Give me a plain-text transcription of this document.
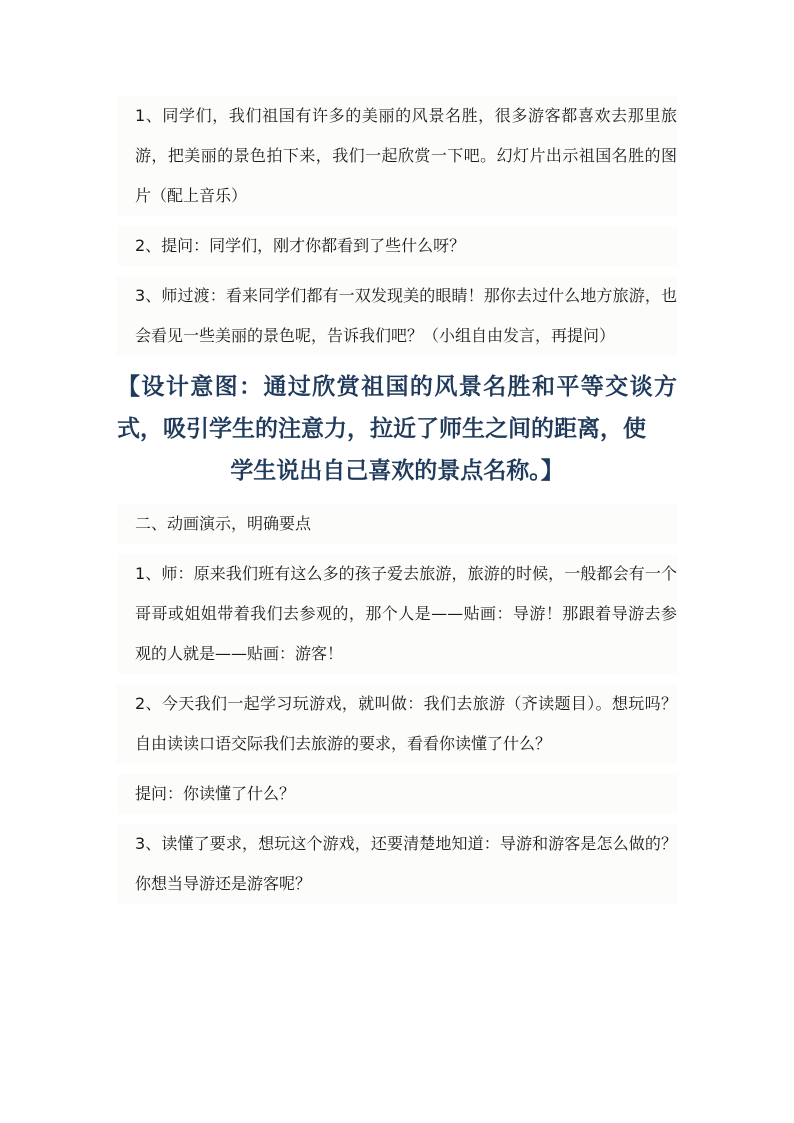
1、同学们，我们祖国有许多的美丽的风景名胜，很多游客都喜欢去那里旅游，把美丽的景色拍下来，我们一起欣赏一下吧。幻灯片出示祖国名胜的图片（配上音乐）

2、提问：同学们，刚才你都看到了些什么呀？

3、师过渡：看来同学们都有一双发现美的眼睛！那你去过什么地方旅游，也会看见一些美丽的景色呢，告诉我们吧？（小组自由发言，再提问）

【设计意图：通过欣赏祖国的风景名胜和平等交谈方式，吸引学生的注意力，拉近了师生之间的距离，使
学生说出自己喜欢的景点名称。】

二、动画演示，明确要点

1、师：原来我们班有这么多的孩子爱去旅游，旅游的时候，一般都会有一个哥哥或姐姐带着我们去参观的，那个人是——贴画：导游！那跟着导游去参观的人就是——贴画：游客！

2、今天我们一起学习玩游戏，就叫做：我们去旅游（齐读题目）。想玩吗？自由读读口语交际我们去旅游的要求，看看你读懂了什么？

提问：你读懂了什么？

3、读懂了要求，想玩这个游戏，还要清楚地知道：导游和游客是怎么做的？你想当导游还是游客呢？
